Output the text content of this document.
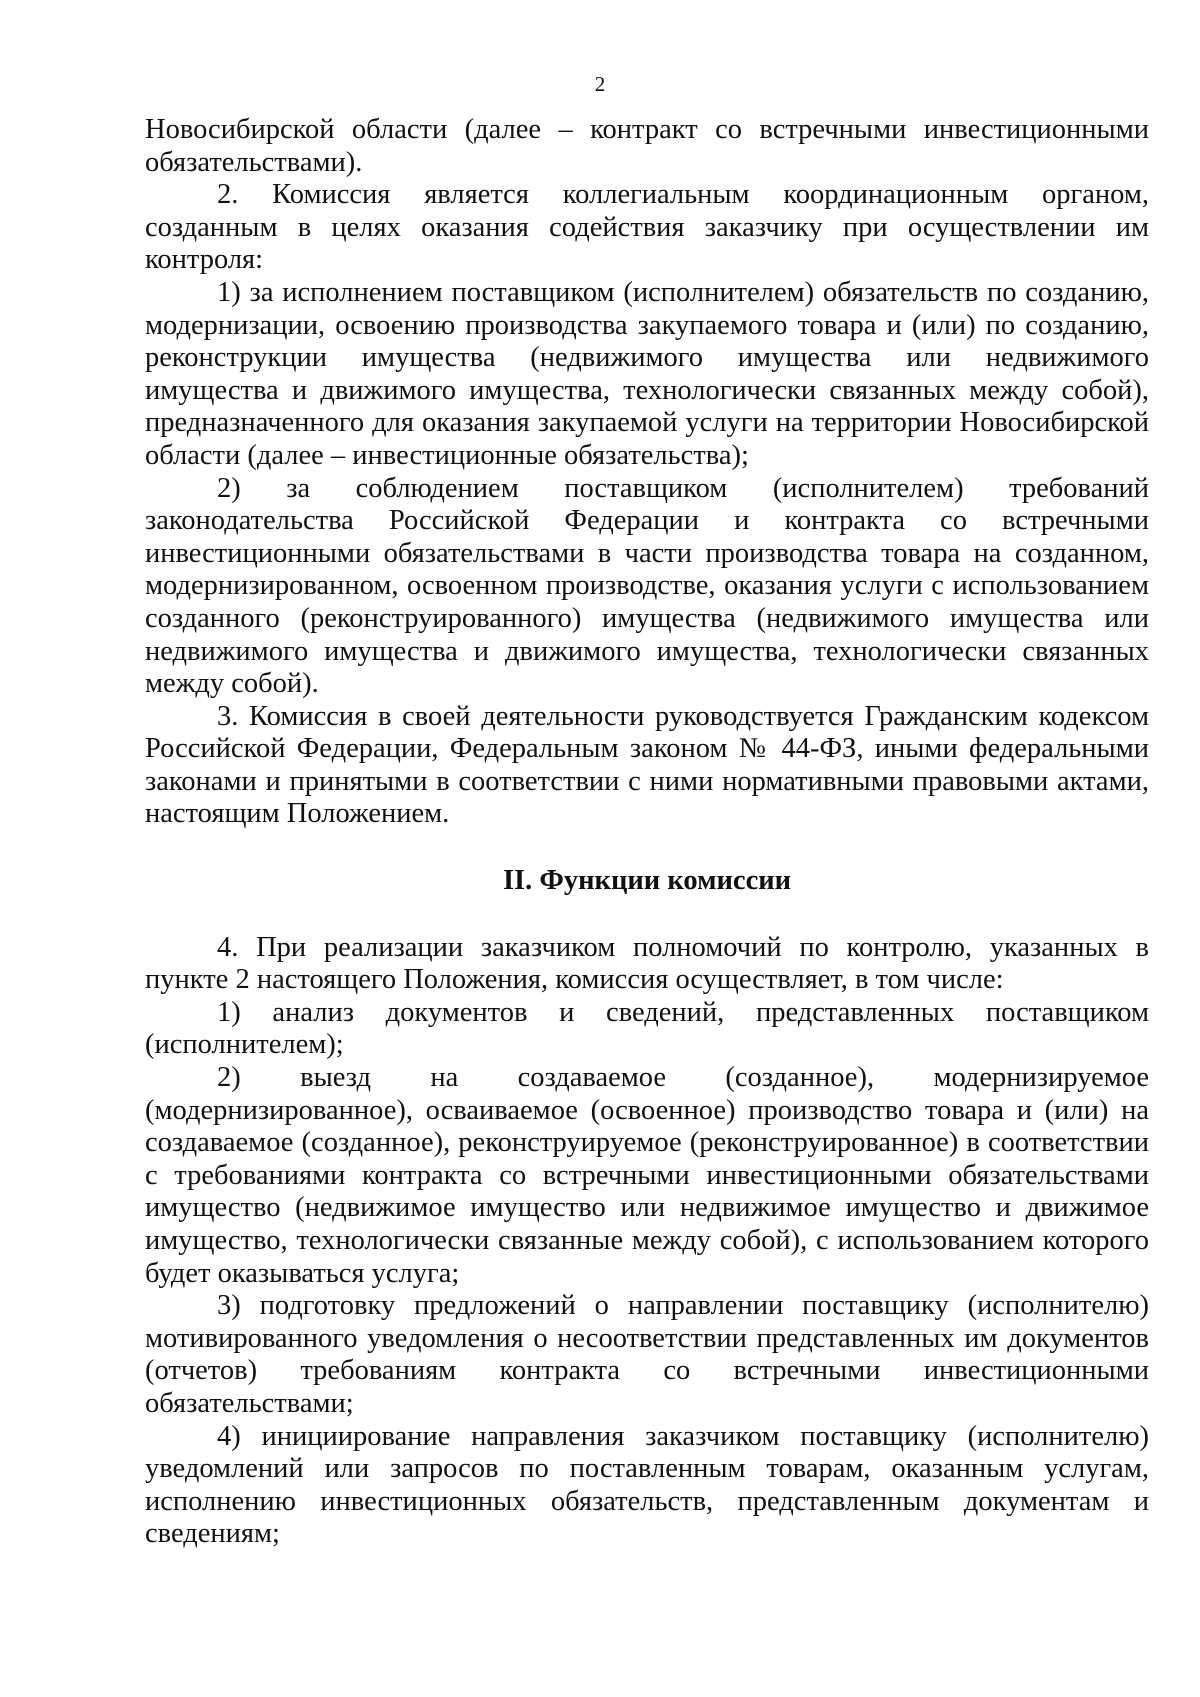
2

Новосибирской области (далее – контракт со встречными инвестиционными обязательствами).

2. Комиссия является коллегиальным координационным органом, созданным в целях оказания содействия заказчику при осуществлении им контроля:

1) за исполнением поставщиком (исполнителем) обязательств по созданию, модернизации, освоению производства закупаемого товара и (или) по созданию, реконструкции имущества (недвижимого имущества или недвижимого имущества и движимого имущества, технологически связанных между собой), предназначенного для оказания закупаемой услуги на территории Новосибирской области (далее – инвестиционные обязательства);

2) за соблюдением поставщиком (исполнителем) требований законодательства Российской Федерации и контракта со встречными инвестиционными обязательствами в части производства товара на созданном, модернизированном, освоенном производстве, оказания услуги с использованием созданного (реконструированного) имущества (недвижимого имущества или недвижимого имущества и движимого имущества, технологически связанных между собой).

3. Комиссия в своей деятельности руководствуется Гражданским кодексом Российской Федерации, Федеральным законом № 44-ФЗ, иными федеральными законами и принятыми в соответствии с ними нормативными правовыми актами, настоящим Положением.

II. Функции комиссии

4. При реализации заказчиком полномочий по контролю, указанных в пункте 2 настоящего Положения, комиссия осуществляет, в том числе:

1) анализ документов и сведений, представленных поставщиком (исполнителем);

2) выезд на создаваемое (созданное), модернизируемое (модернизированное), осваиваемое (освоенное) производство товара и (или) на создаваемое (созданное), реконструируемое (реконструированное) в соответствии с требованиями контракта со встречными инвестиционными обязательствами имущество (недвижимое имущество или недвижимое имущество и движимое имущество, технологически связанные между собой), с использованием которого будет оказываться услуга;

3) подготовку предложений о направлении поставщику (исполнителю) мотивированного уведомления о несоответствии представленных им документов (отчетов) требованиям контракта со встречными инвестиционными обязательствами;

4) инициирование направления заказчиком поставщику (исполнителю) уведомлений или запросов по поставленным товарам, оказанным услугам, исполнению инвестиционных обязательств, представленным документам и сведениям;
